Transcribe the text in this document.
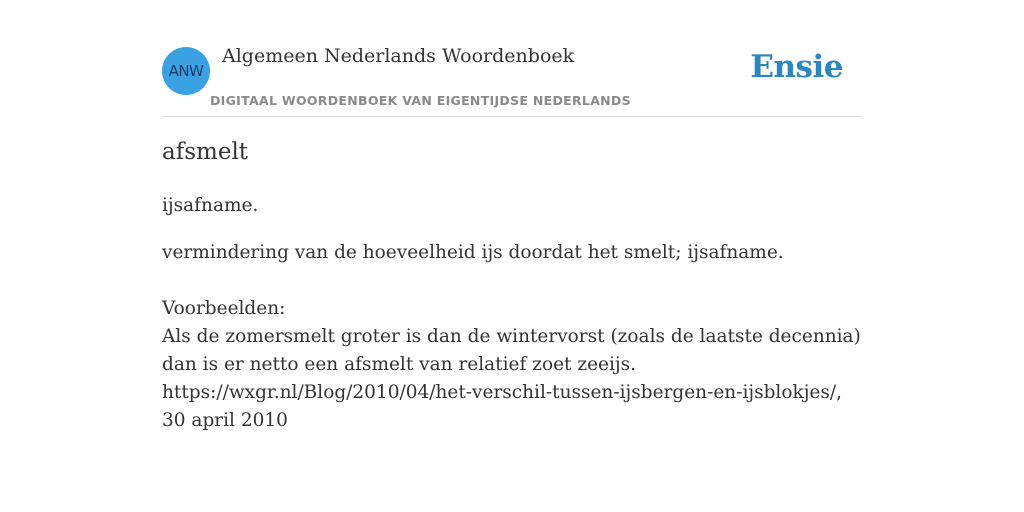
ANW
Algemeen Nederlands Woordenboek
DIGITAAL WOORDENBOEK VAN EIGENTIJDSE NEDERLANDS
Ensie
afsmelt
ijsafname.
vermindering van de hoeveelheid ijs doordat het smelt; ijsafname.
Voorbeelden:
Als de zomersmelt groter is dan de wintervorst (zoals de laatste decennia) dan is er netto een afsmelt van relatief zoet zeeijs.
https://wxgr.nl/Blog/2010/04/het-verschil-tussen-ijsbergen-en-ijsblokjes/, 30 april 2010
